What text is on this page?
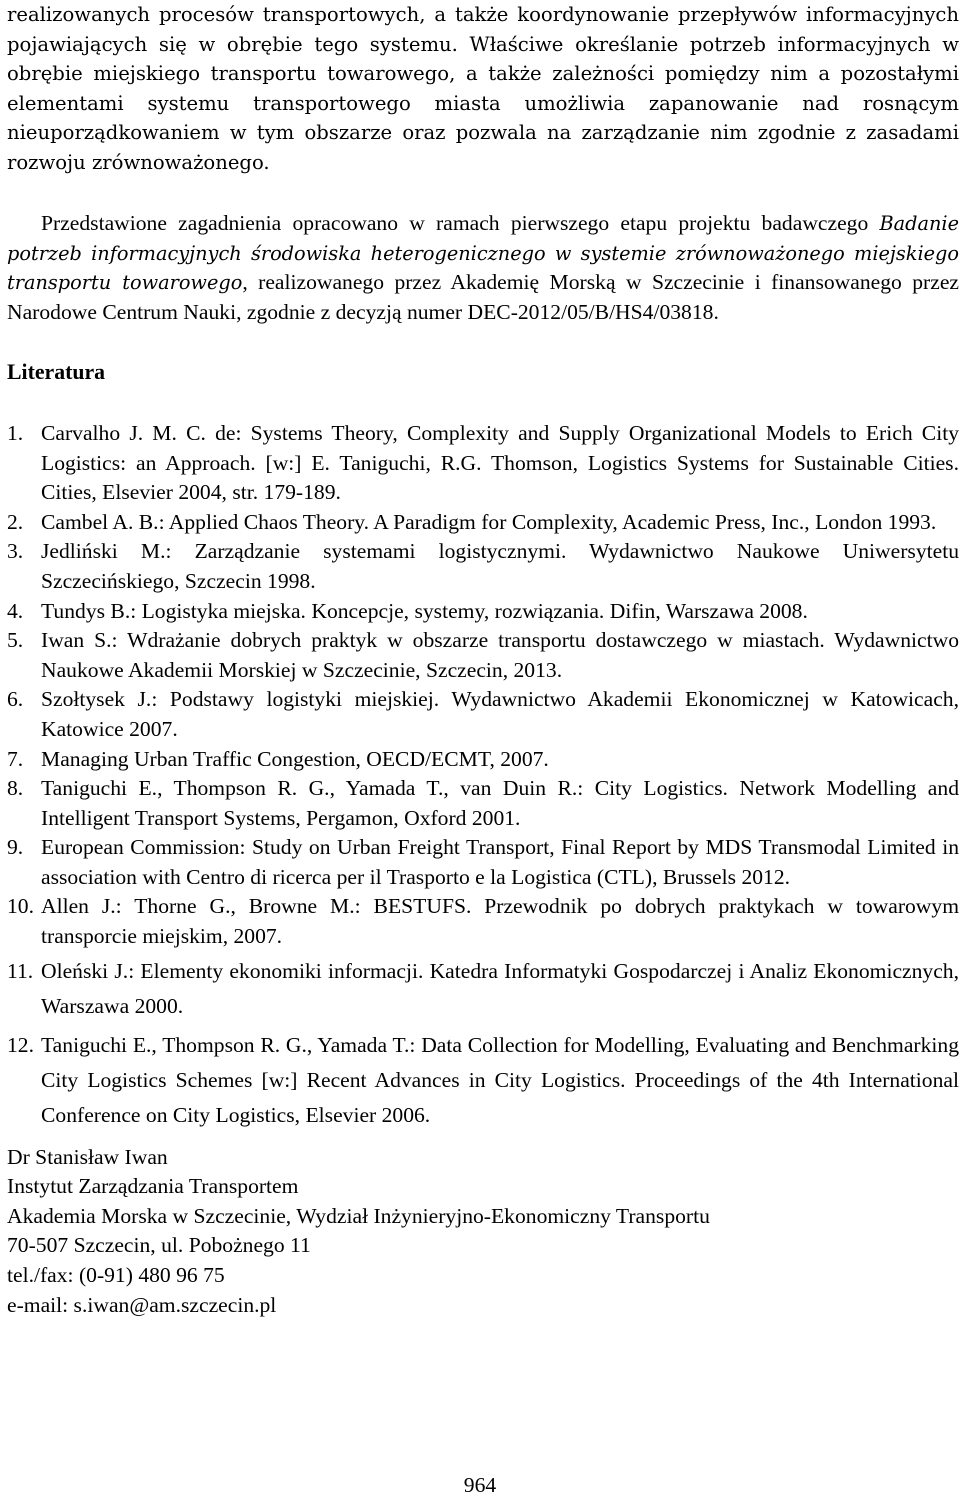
realizowanych procesów transportowych, a także koordynowanie przepływów informacyjnych pojawiających się w obrębie tego systemu. Właściwe określanie potrzeb informacyjnych w obrębie miejskiego transportu towarowego, a także zależności pomiędzy nim a pozostałymi elementami systemu transportowego miasta umożliwia zapanowanie nad rosnącym nieuporządkowaniem w tym obszarze oraz pozwala na zarządzanie nim zgodnie z zasadami rozwoju zrównoważonego.

Przedstawione zagadnienia opracowano w ramach pierwszego etapu projektu badawczego Badanie potrzeb informacyjnych środowiska heterogenicznego w systemie zrównoważonego miejskiego transportu towarowego, realizowanego przez Akademię Morską w Szczecinie i finansowanego przez Narodowe Centrum Nauki, zgodnie z decyzją numer DEC-2012/05/B/HS4/03818.

Literatura
1. Carvalho J. M. C. de: Systems Theory, Complexity and Supply Organizational Models to Erich City Logistics: an Approach. [w:] E. Taniguchi, R.G. Thomson, Logistics Systems for Sustainable Cities. Cities, Elsevier 2004, str. 179-189.
2. Cambel A. B.: Applied Chaos Theory. A Paradigm for Complexity, Academic Press, Inc., London 1993.
3. Jedliński M.: Zarządzanie systemami logistycznymi. Wydawnictwo Naukowe Uniwersytetu Szczecińskiego, Szczecin 1998.
4. Tundys B.: Logistyka miejska. Koncepcje, systemy, rozwiązania. Difin, Warszawa 2008.
5. Iwan S.: Wdrażanie dobrych praktyk w obszarze transportu dostawczego w miastach. Wydawnictwo Naukowe Akademii Morskiej w Szczecinie, Szczecin, 2013.
6. Szołtysek J.: Podstawy logistyki miejskiej. Wydawnictwo Akademii Ekonomicznej w Katowicach, Katowice 2007.
7. Managing Urban Traffic Congestion, OECD/ECMT, 2007.
8. Taniguchi E., Thompson R. G., Yamada T., van Duin R.: City Logistics. Network Modelling and Intelligent Transport Systems, Pergamon, Oxford 2001.
9. European Commission: Study on Urban Freight Transport, Final Report by MDS Transmodal Limited in association with Centro di ricerca per il Trasporto e la Logistica (CTL), Brussels 2012.
10. Allen J.: Thorne G., Browne M.: BESTUFS. Przewodnik po dobrych praktykach w towarowym transporcie miejskim, 2007.
11. Oleński J.: Elementy ekonomiki informacji. Katedra Informatyki Gospodarczej i Analiz Ekonomicznych, Warszawa 2000.
12. Taniguchi E., Thompson R. G., Yamada T.: Data Collection for Modelling, Evaluating and Benchmarking City Logistics Schemes [w:] Recent Advances in City Logistics. Proceedings of the 4th International Conference on City Logistics, Elsevier 2006.
Dr Stanisław Iwan
Instytut Zarządzania Transportem
Akademia Morska w Szczecinie, Wydział Inżynieryjno-Ekonomiczny Transportu
70-507 Szczecin, ul. Pobożnego 11
tel./fax: (0-91) 480 96 75
e-mail: s.iwan@am.szczecin.pl
964
